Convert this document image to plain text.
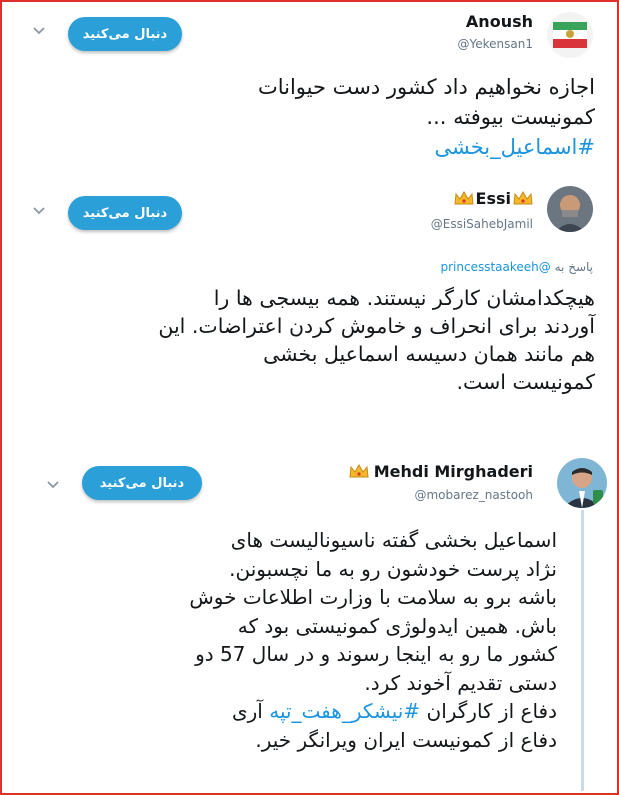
دنبال می‌کنید
Anoush
@Yekensan1
اجازه نخواهیم داد کشور دست حیوانات
کمونیست بیوفته ...
#اسماعیل_بخشی
دنبال می‌کنید
Essi
@EssiSahebJamil
پاسخ به @princesstaakeeh
هیچکدامشان کارگر نیستند. همه بیسجی ها را
آوردند برای انحراف و خاموش کردن اعتراضات. این
هم مانند همان دسیسه اسماعیل بخشی
کمونیست است.
دنبال می‌کنید
Mehdi Mirghaderi
@mobarez_nastooh
اسماعیل بخشی گفته ناسیونالیست های
نژاد پرست خودشون رو به ما نچسبونن.
باشه برو به سلامت با وزارت اطلاعات خوش
باش. همین ایدولوژی کمونیستی بود که
کشور ما رو به اینجا رسوند و در سال 57 دو
دستی تقدیم آخوند کرد.
دفاع از کارگران #نیشکر_هفت_تپه آری
دفاع از کمونیست ایران ویرانگر خیر.
